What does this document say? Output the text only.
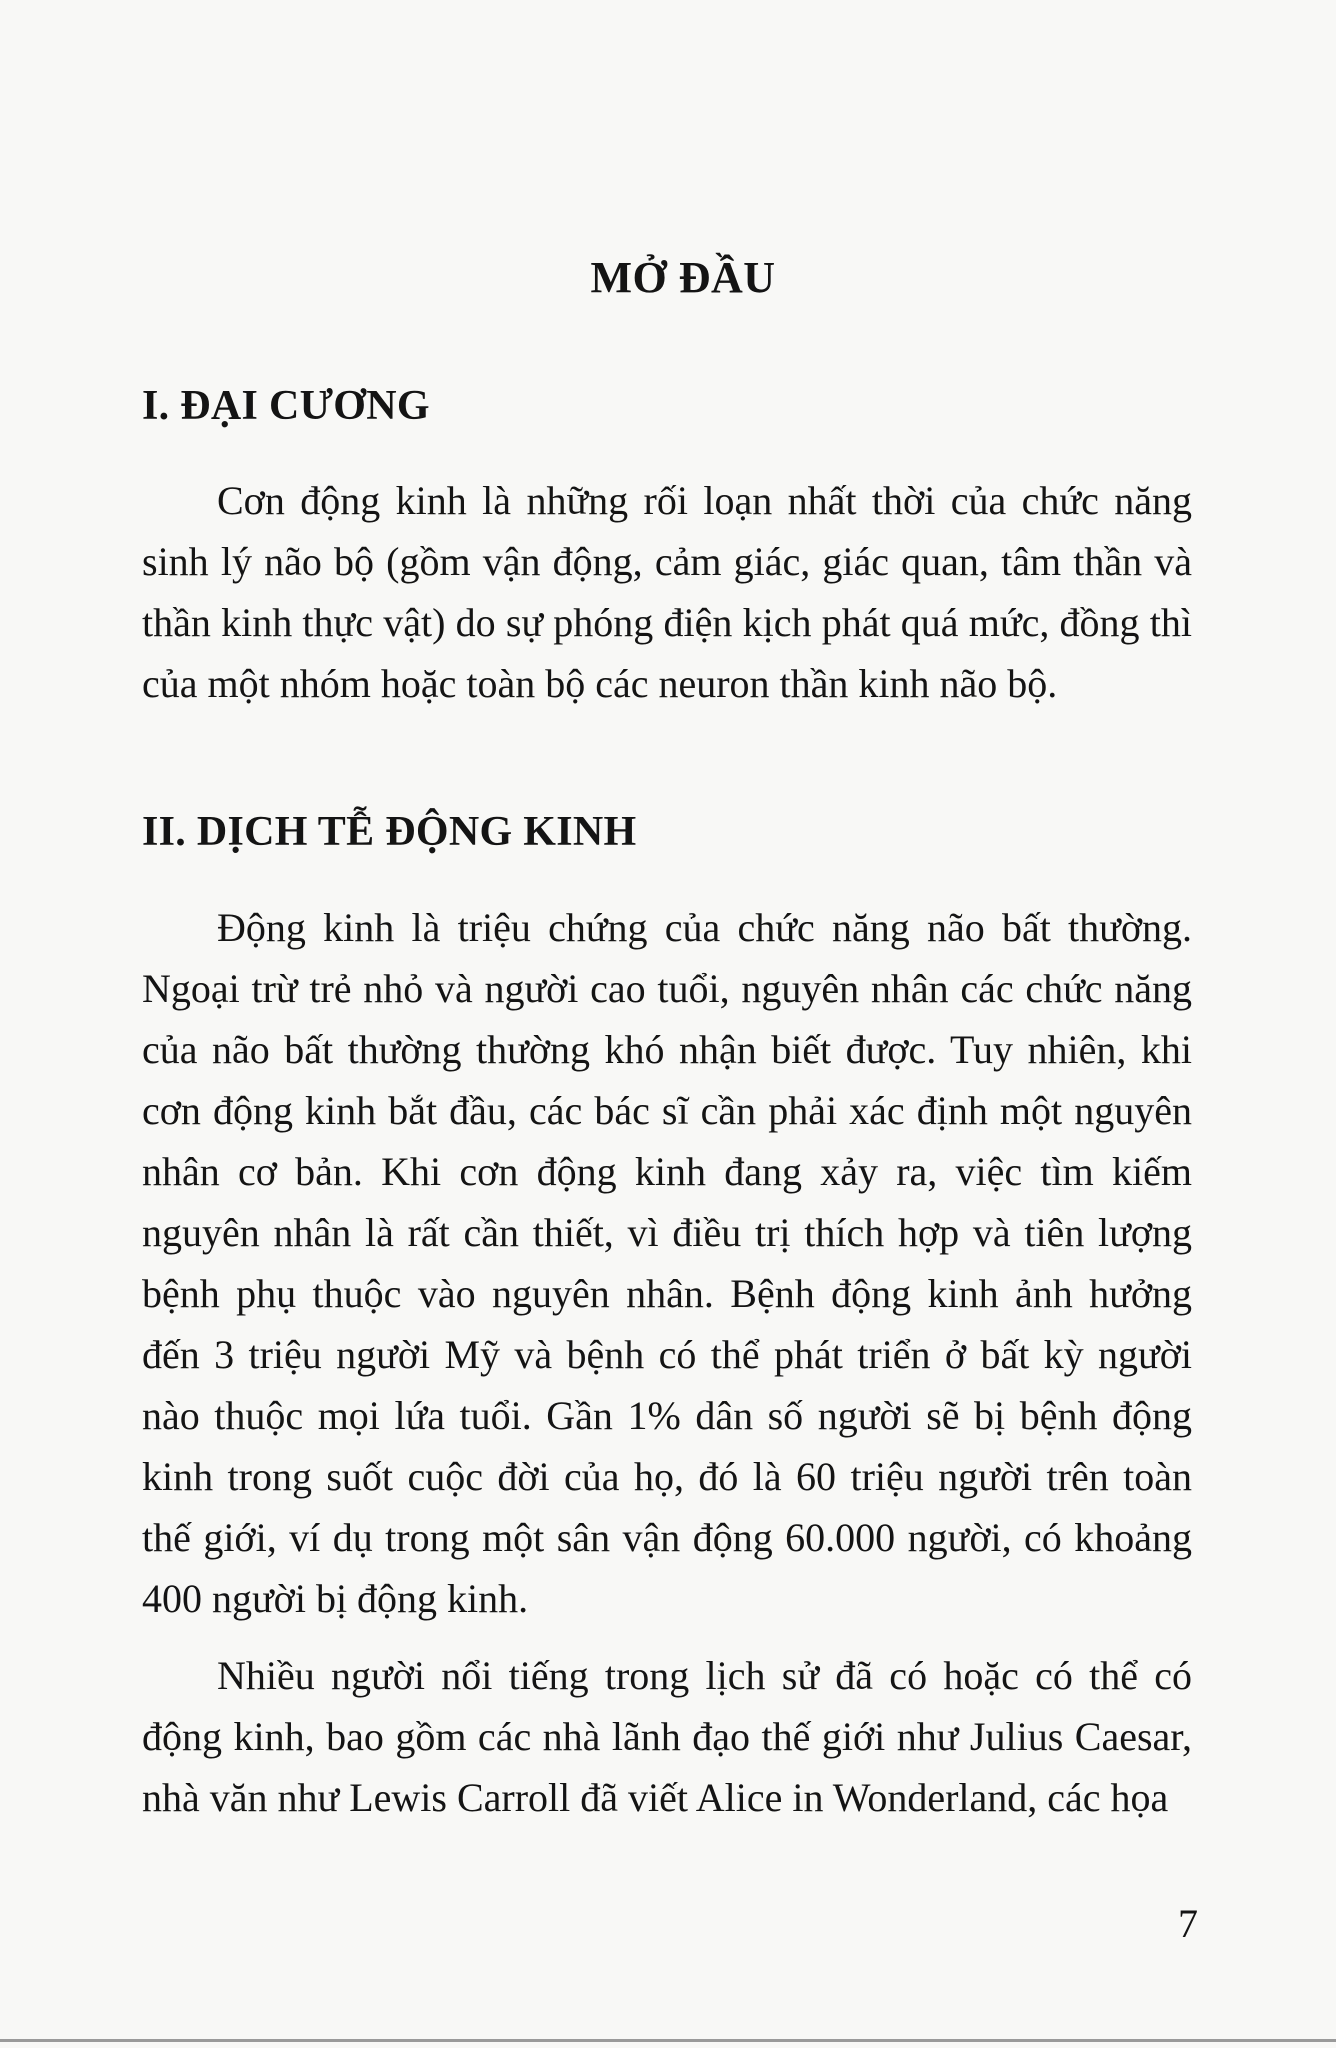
MỞ ĐẦU
I. ĐẠI CƯƠNG

Cơn động kinh là những rối loạn nhất thời của chức năng sinh lý não bộ (gồm vận động, cảm giác, giác quan, tâm thần và thần kinh thực vật) do sự phóng điện kịch phát quá mức, đồng thì của một nhóm hoặc toàn bộ các neuron thần kinh não bộ.

II. DỊCH TỄ ĐỘNG KINH

Động kinh là triệu chứng của chức năng não bất thường. Ngoại trừ trẻ nhỏ và người cao tuổi, nguyên nhân các chức năng của não bất thường thường khó nhận biết được. Tuy nhiên, khi cơn động kinh bắt đầu, các bác sĩ cần phải xác định một nguyên nhân cơ bản. Khi cơn động kinh đang xảy ra, việc tìm kiếm nguyên nhân là rất cần thiết, vì điều trị thích hợp và tiên lượng bệnh phụ thuộc vào nguyên nhân. Bệnh động kinh ảnh hưởng đến 3 triệu người Mỹ và bệnh có thể phát triển ở bất kỳ người nào thuộc mọi lứa tuổi. Gần 1% dân số người sẽ bị bệnh động kinh trong suốt cuộc đời của họ, đó là 60 triệu người trên toàn thế giới, ví dụ trong một sân vận động 60.000 người, có khoảng 400 người bị động kinh.

Nhiều người nổi tiếng trong lịch sử đã có hoặc có thể có động kinh, bao gồm các nhà lãnh đạo thế giới như Julius Caesar, nhà văn như Lewis Carroll đã viết Alice in Wonderland, các họa

7
